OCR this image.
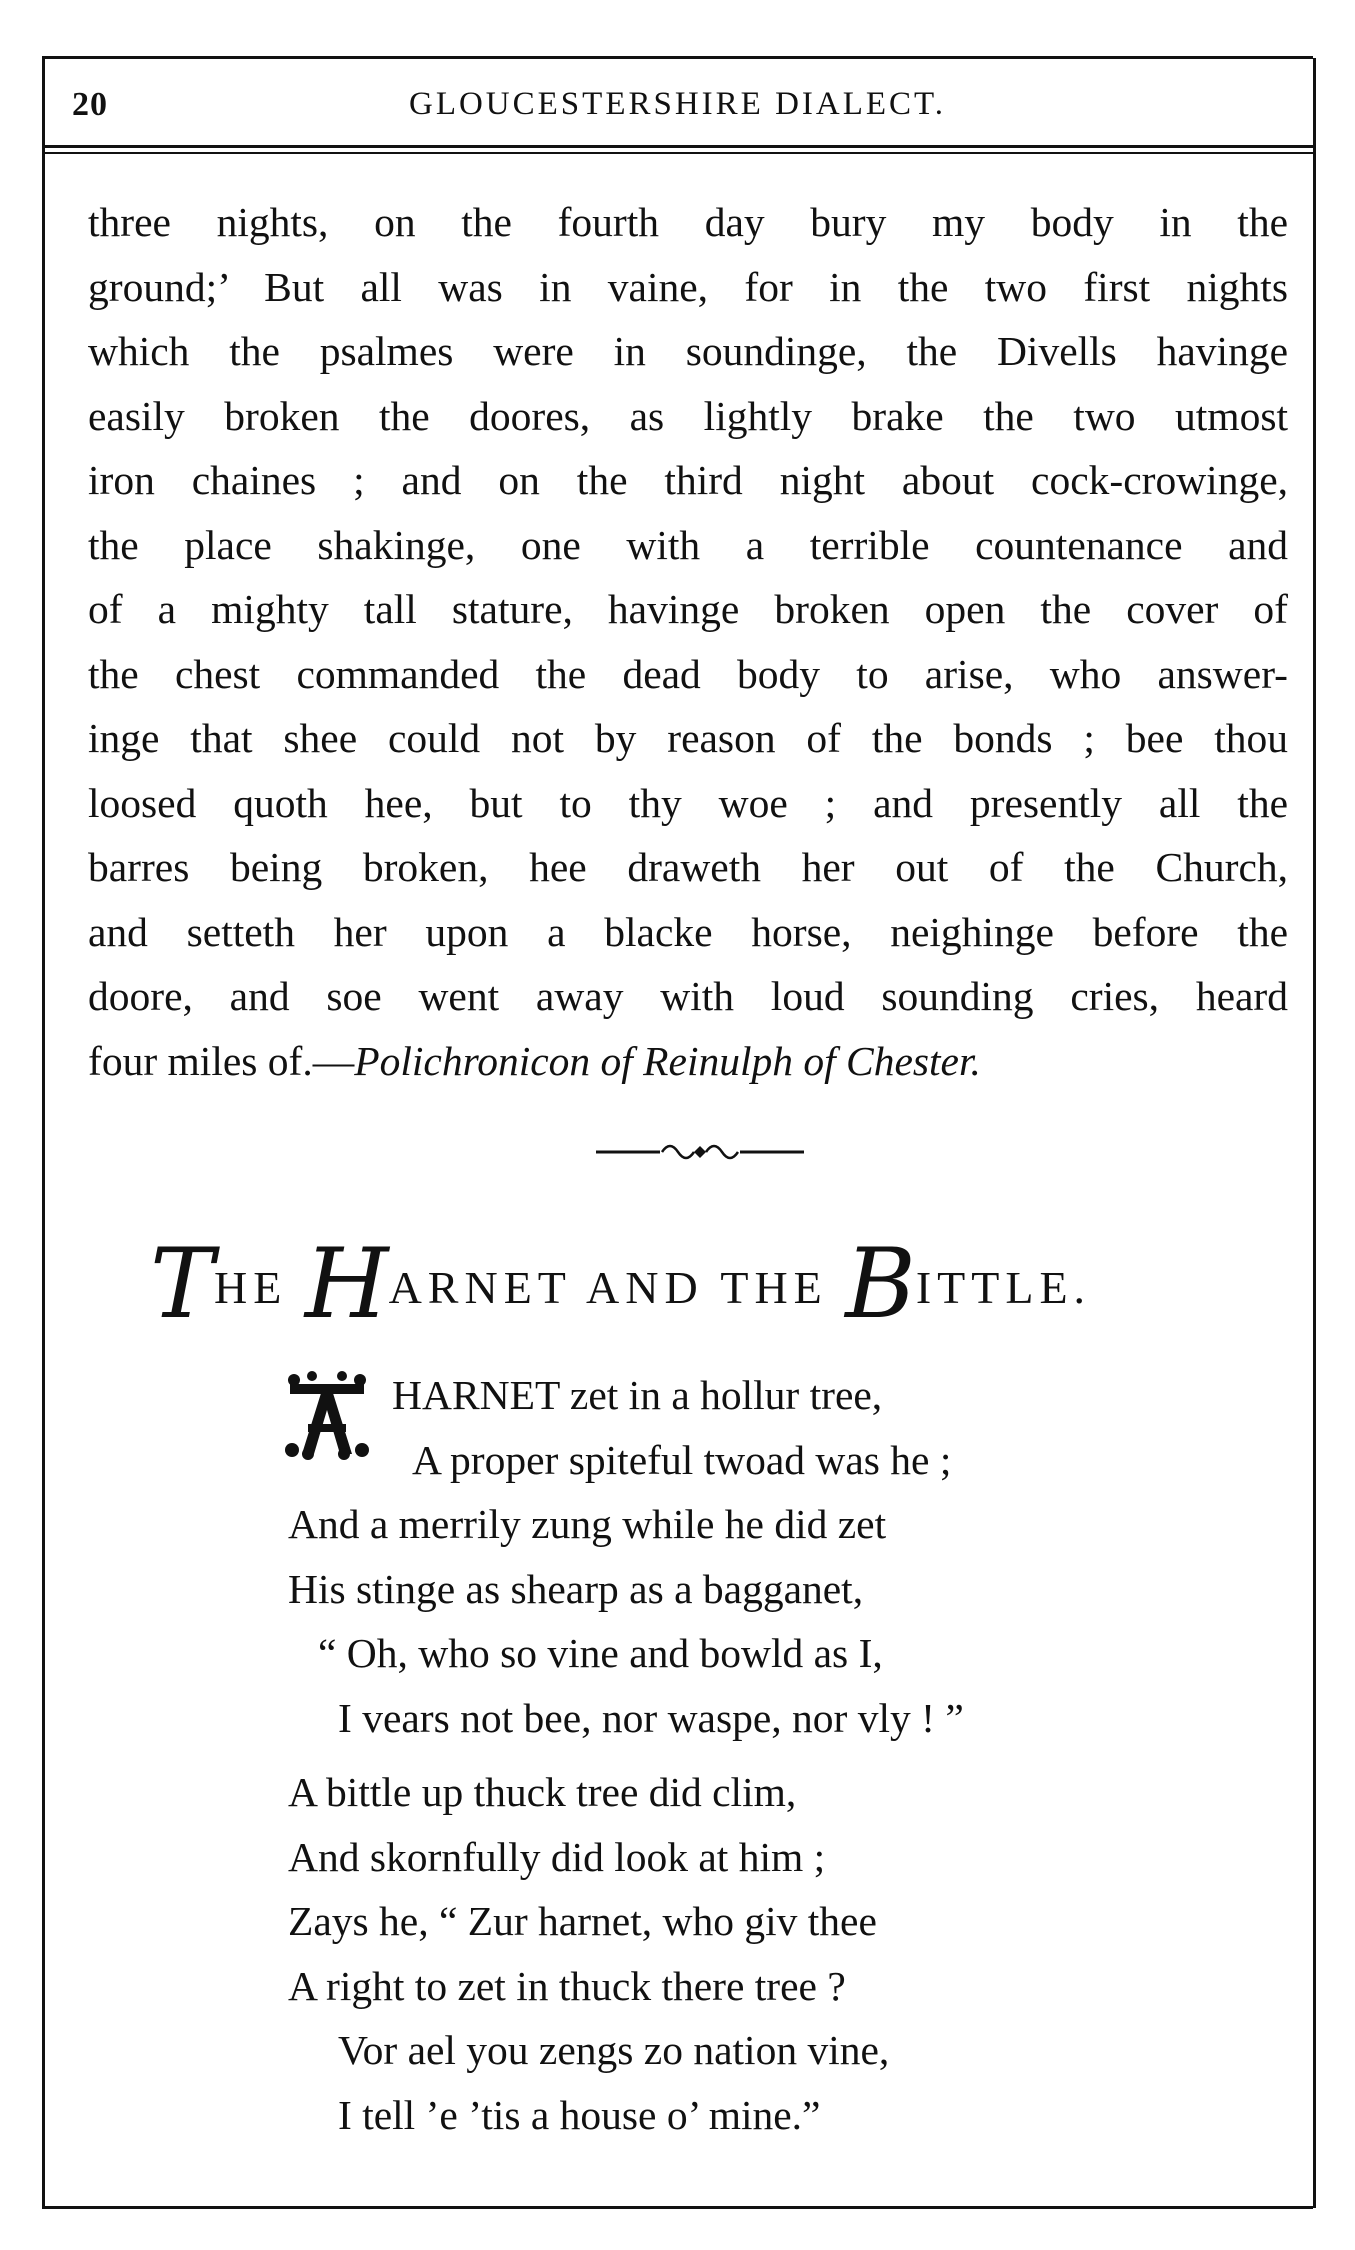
20	GLOUCESTERSHIRE DIALECT.
three nights, on the fourth day bury my body in the
ground;’ But all was in vaine, for in the two first nights
which the psalmes were in soundinge, the Divells havinge
easily broken the doores, as lightly brake the two utmost
iron chaines ; and on the third night about cock-crowinge,
the place shakinge, one with a terrible countenance and
of a mighty tall stature, havinge broken open the cover of
the chest commanded the dead body to arise, who answer-
inge that shee could not by reason of the bonds ; bee thou
loosed quoth hee, but to thy woe ; and presently all the
barres being broken, hee draweth her out of the Church,
and setteth her upon a blacke horse, neighinge before the
doore, and soe went away with loud sounding cries, heard
four miles of.—Polichronicon of Reinulph of Chester.
THE HARNET AND THE BITTLE.
A
HARNET zet in a hollur tree,
A proper spiteful twoad was he ;
And a merrily zung while he did zet
His stinge as shearp as a bagganet,
“ Oh, who so vine and bowld as I,
I vears not bee, nor waspe, nor vly ! ”
A bittle up thuck tree did clim,
And skornfully did look at him ;
Zays he, “ Zur harnet, who giv thee
A right to zet in thuck there tree ?
Vor ael you zengs zo nation vine,
I tell ’e ’tis a house o’ mine.”
